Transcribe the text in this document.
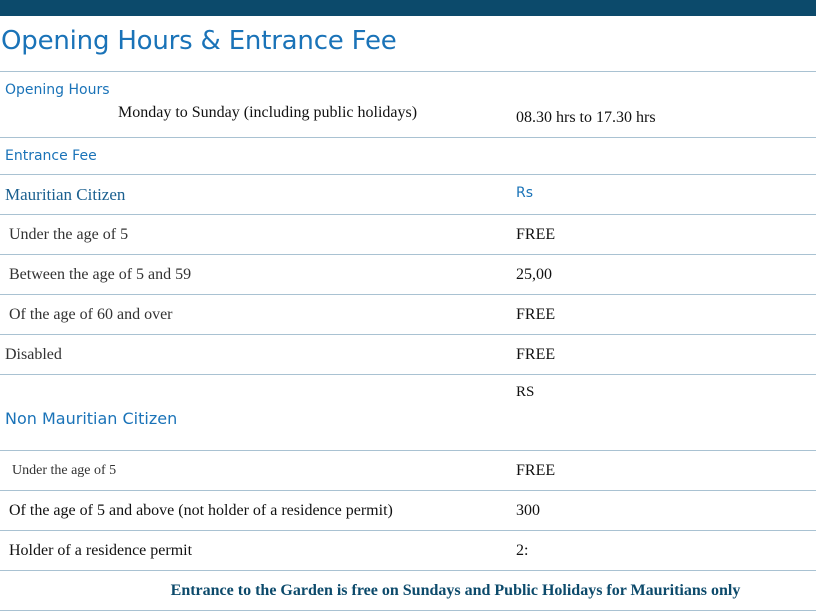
Opening Hours & Entrance Fee
Opening Hours
Monday to Sunday (including public holidays)	08.30 hrs to 17.30 hrs

Entrance Fee	

Mauritian Citizen	Rs

Under the age of 5	FREE
Between the age of 5 and 59	25,00
Of the age of 60 and over	FREE
Disabled	FREE

Non Mauritian Citizen	RS

Under the age of 5	FREE
Of the age of 5 and above (not holder of a residence permit)	300
Holder of a residence permit	2:
Entrance to the Garden is free on Sundays and Public Holidays for Mauritians only	
